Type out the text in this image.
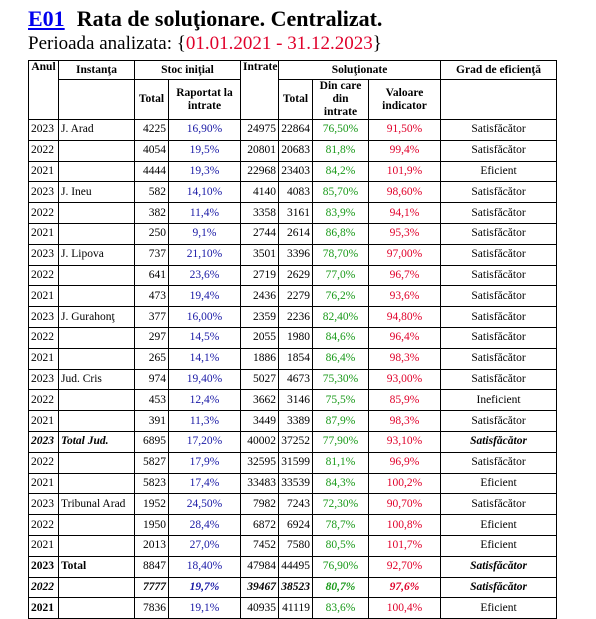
E01 Rata de soluţionare. Centralizat.
Perioada analizata: {01.01.2021 - 31.12.2023}
Anul	Instanţa	Stoc iniţial		Intrate	Soluţionate			Grad de eficienţă
		Total	Raportat la intrate		Total	Din care din intrate	Valoare indicator	
2023	J. Arad	4225	16,90%	24975	22864	76,50%	91,50%	Satisfăcător
2022		4054	19,5%	20801	20683	81,8%	99,4%	Satisfăcător
2021		4444	19,3%	22968	23403	84,2%	101,9%	Eficient
2023	J. Ineu	582	14,10%	4140	4083	85,70%	98,60%	Satisfăcător
2022		382	11,4%	3358	3161	83,9%	94,1%	Satisfăcător
2021		250	9,1%	2744	2614	86,8%	95,3%	Satisfăcător
2023	J. Lipova	737	21,10%	3501	3396	78,70%	97,00%	Satisfăcător
2022		641	23,6%	2719	2629	77,0%	96,7%	Satisfăcător
2021		473	19,4%	2436	2279	76,2%	93,6%	Satisfăcător
2023	J. Gurahonţ	377	16,00%	2359	2236	82,40%	94,80%	Satisfăcător
2022		297	14,5%	2055	1980	84,6%	96,4%	Satisfăcător
2021		265	14,1%	1886	1854	86,4%	98,3%	Satisfăcător
2023	Jud. Cris	974	19,40%	5027	4673	75,30%	93,00%	Satisfăcător
2022		453	12,4%	3662	3146	75,5%	85,9%	Ineficient
2021		391	11,3%	3449	3389	87,9%	98,3%	Satisfăcător
2023	Total Jud.	6895	17,20%	40002	37252	77,90%	93,10%	Satisfăcător
2022		5827	17,9%	32595	31599	81,1%	96,9%	Satisfăcător
2021		5823	17,4%	33483	33539	84,3%	100,2%	Eficient
2023	Tribunal Arad	1952	24,50%	7982	7243	72,30%	90,70%	Satisfăcător
2022		1950	28,4%	6872	6924	78,7%	100,8%	Eficient
2021		2013	27,0%	7452	7580	80,5%	101,7%	Eficient
2023	Total	8847	18,40%	47984	44495	76,90%	92,70%	Satisfăcător
2022		7777	19,7%	39467	38523	80,7%	97,6%	Satisfăcător
2021		7836	19,1%	40935	41119	83,6%	100,4%	Eficient
